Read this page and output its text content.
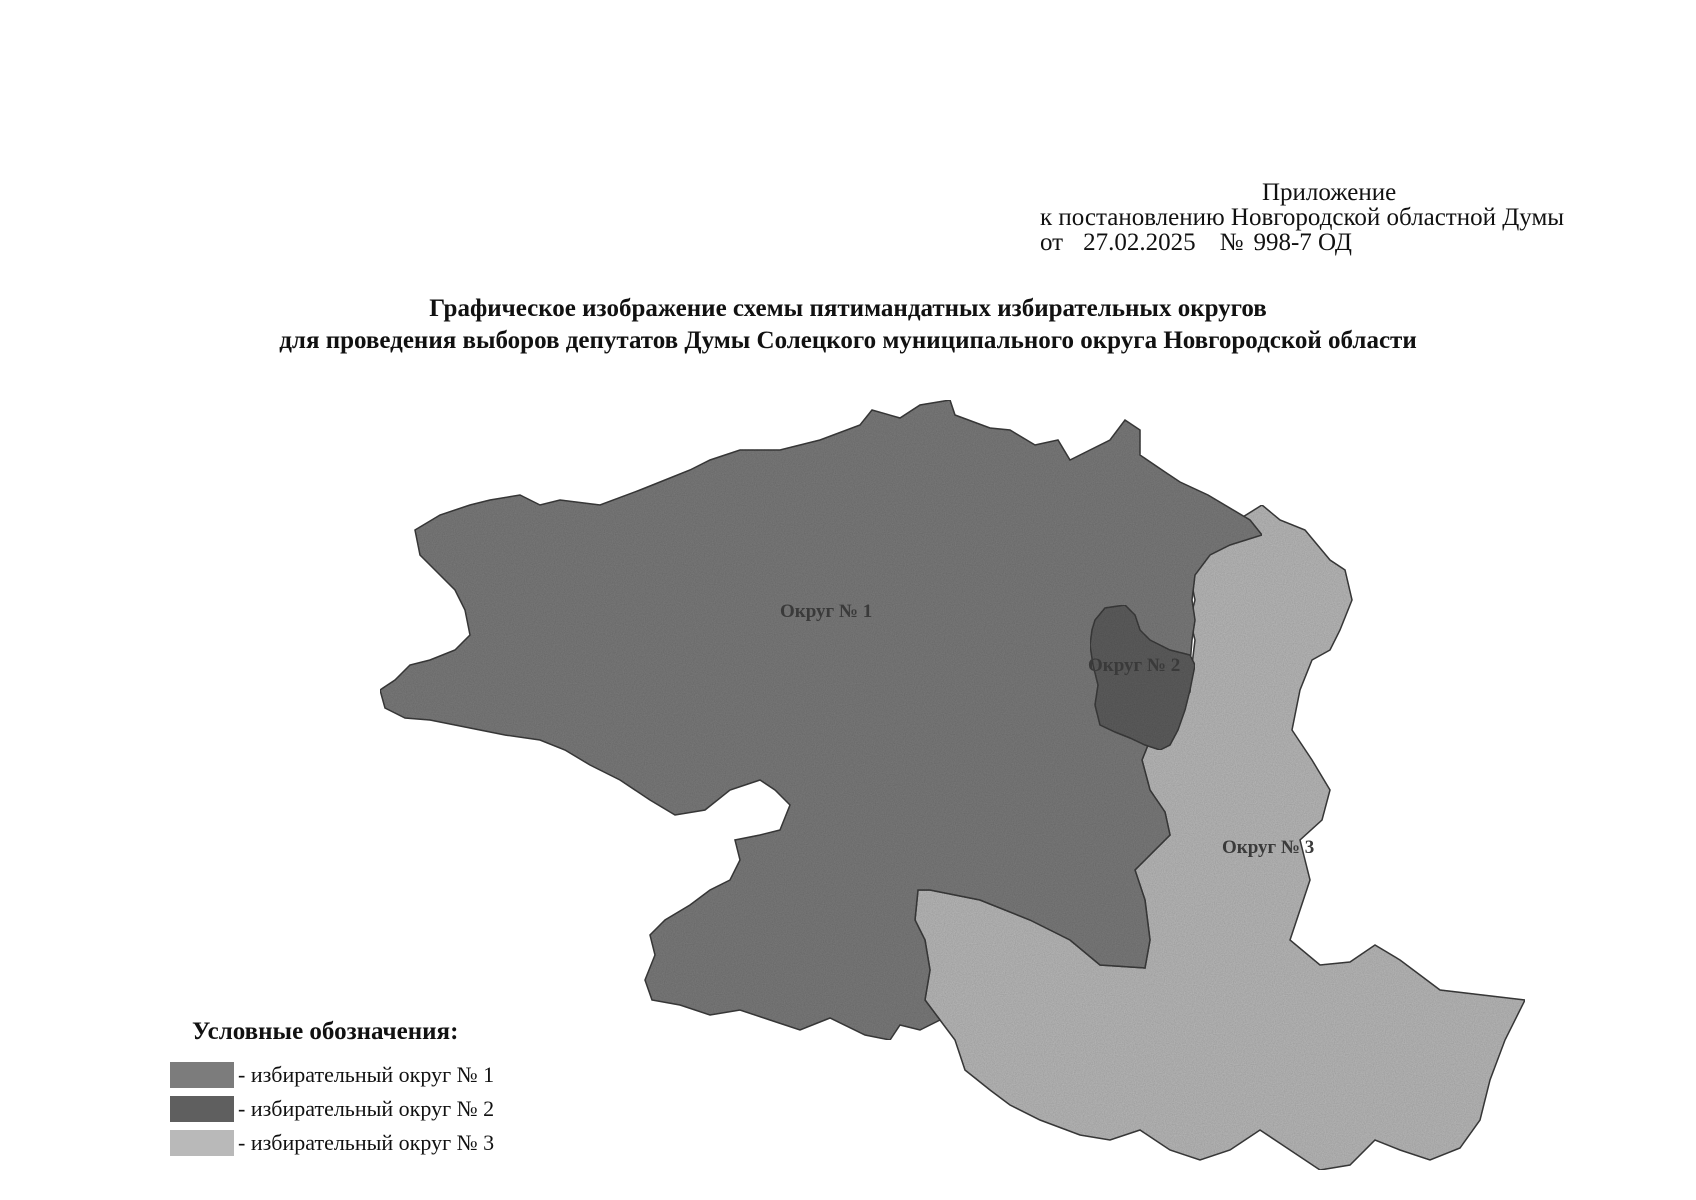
Приложение
к постановлению Новгородской областной Думы
от 27.02.2025 № 998-7 ОД
Графическое изображение схемы пятимандатных избирательных округов
для проведения выборов депутатов Думы Солецкого муниципального округа Новгородской области
Округ № 1
Округ № 2
Округ № 3
Условные обозначения:
- избирательный округ № 1
- избирательный округ № 2
- избирательный округ № 3
